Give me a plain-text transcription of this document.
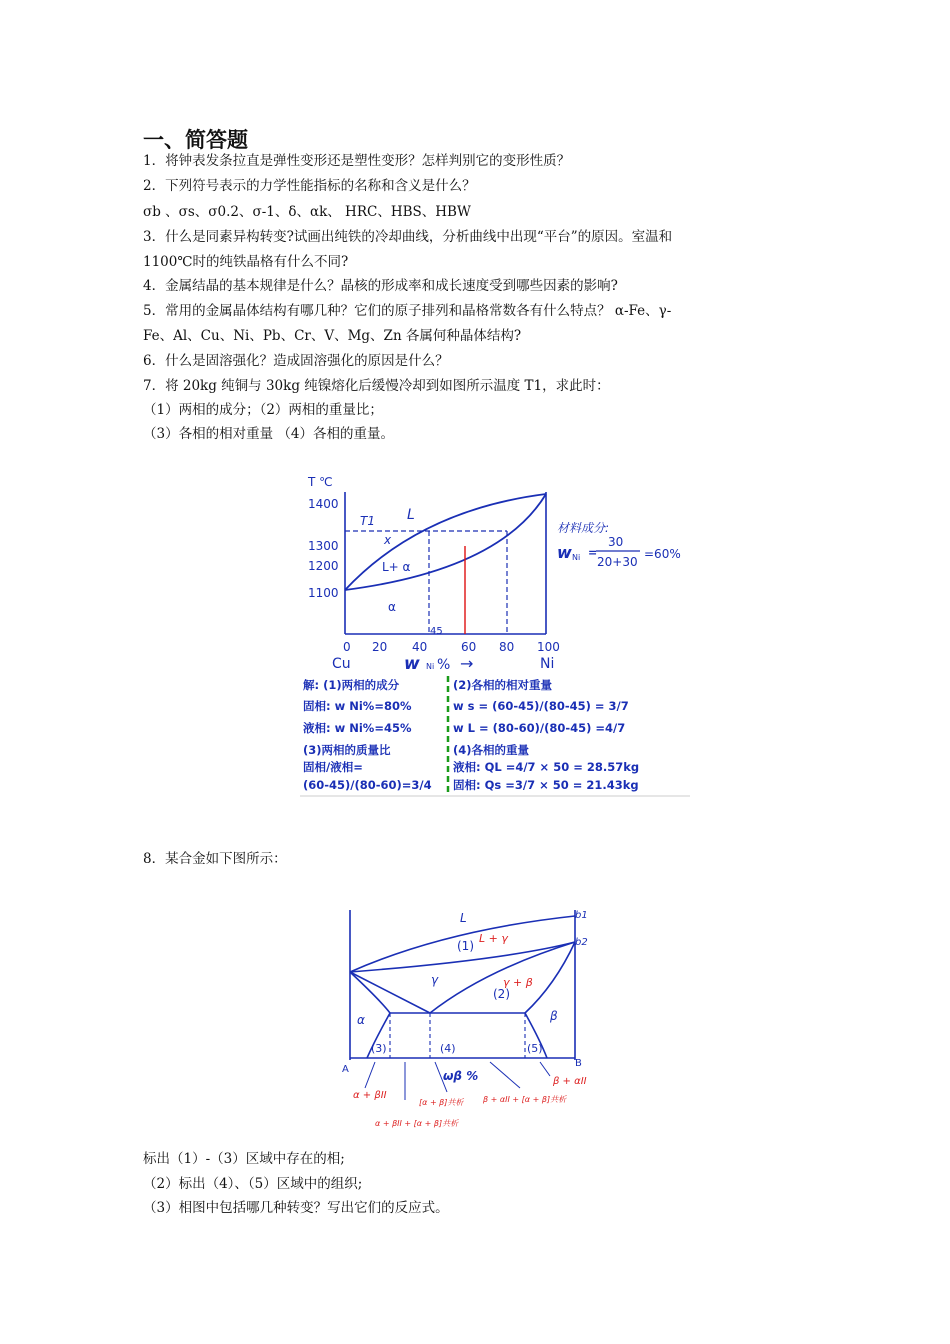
一、简答题
1．将钟表发条拉直是弹性变形还是塑性变形？怎样判别它的变形性质？
2．下列符号表示的力学性能指标的名称和含义是什么？
σb 、σs、σ0.2、σ-1、δ、αk、 HRC、HBS、HBW
3．什么是同素异构转变?试画出纯铁的冷却曲线，分析曲线中出现“平台”的原因。室温和
1100℃时的纯铁晶格有什么不同?
4．金属结晶的基本规律是什么？晶核的形成率和成长速度受到哪些因素的影响?
5．常用的金属晶体结构有哪几种？它们的原子排列和晶格常数各有什么特点？ α-Fe、γ-
Fe、Al、Cu、Ni、Pb、Cr、V、Mg、Zn 各属何种晶体结构?
6．什么是固溶强化？造成固溶强化的原因是什么？
7．将 20kg 纯铜与 30kg 纯镍熔化后缓慢冷却到如图所示温度 T1，求此时：
（1）两相的成分；（2）两相的重量比；
（3）各相的相对重量 （4）各相的重量。
T ℃
1400
1300
1200
1100
0 20 40	60 80 100
45
Cu	Ni
w Ni % →
T1 L
x
L+ α
α
材料成分:
w Ni
30
20+30
=60%
=
解: (1)两相的成分
固相: w Ni%=80%
液相: w Ni%=45%
(3)两相的质量比
固相/液相=
(60-45)/(80-60)=3/4
(2)各相的相对重量
w s = (60-45)/(80-45) = 3/7
w L = (80-60)/(80-45) =4/7
(4)各相的重量
液相: QL =4/7 × 50 = 28.57kg
固相: Qs =3/7 × 50 = 21.43kg
8．某合金如下图所示：
L	b1
b2
(1)
γ
(2)
α	β
(3)	(4)	(5)
A
B
ωβ %
L + γ
γ + β
β + αII
α + βII
[α + β]共析 β + αII + [α + β]共析
α + βII + [α + β]共析
标出（1）-（3）区域中存在的相;
（2）标出（4）、（5）区域中的组织;
（3）相图中包括哪几种转变？写出它们的反应式。
